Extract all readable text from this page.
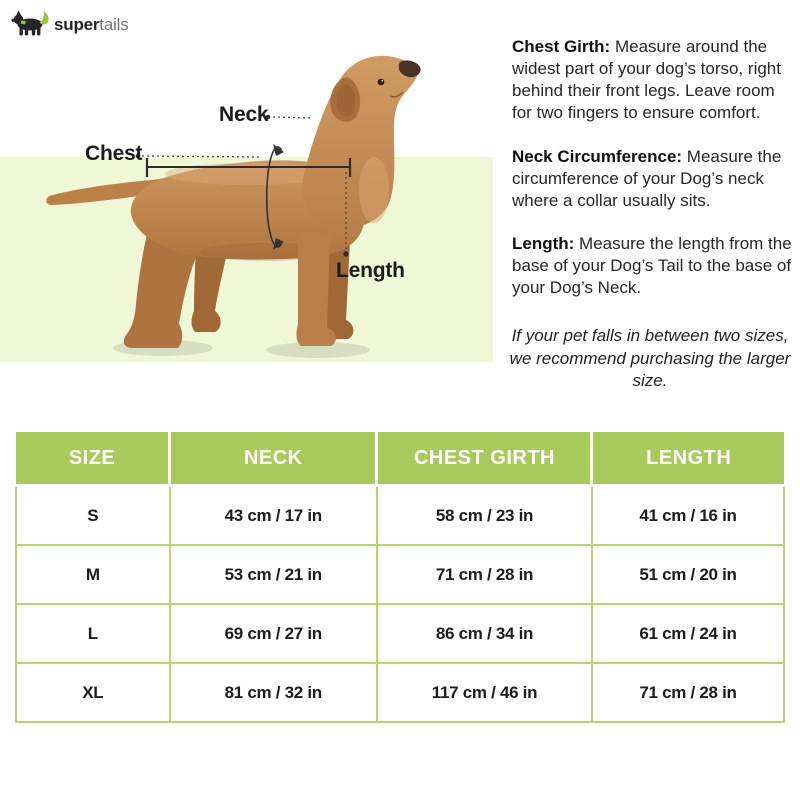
supertails
Neck
Chest
Length

Chest Girth: Measure around the widest part of your dog’s torso, right behind their front legs. Leave room for two fingers to ensure comfort.

Neck Circumference: Measure the circumference of your Dog’s neck where a collar usually sits.

Length: Measure the length from the base of your Dog’s Tail to the base of your Dog’s Neck.

If your pet falls in between two sizes, we recommend purchasing the larger size.
SIZE	NECK	CHEST GIRTH	LENGTH
S	43 cm / 17 in	58 cm / 23 in	41 cm / 16 in
M	53 cm / 21 in	71 cm / 28 in	51 cm / 20 in
L	69 cm / 27 in	86 cm / 34 in	61 cm / 24 in
XL	81 cm / 32 in	117 cm / 46 in	71 cm / 28 in
